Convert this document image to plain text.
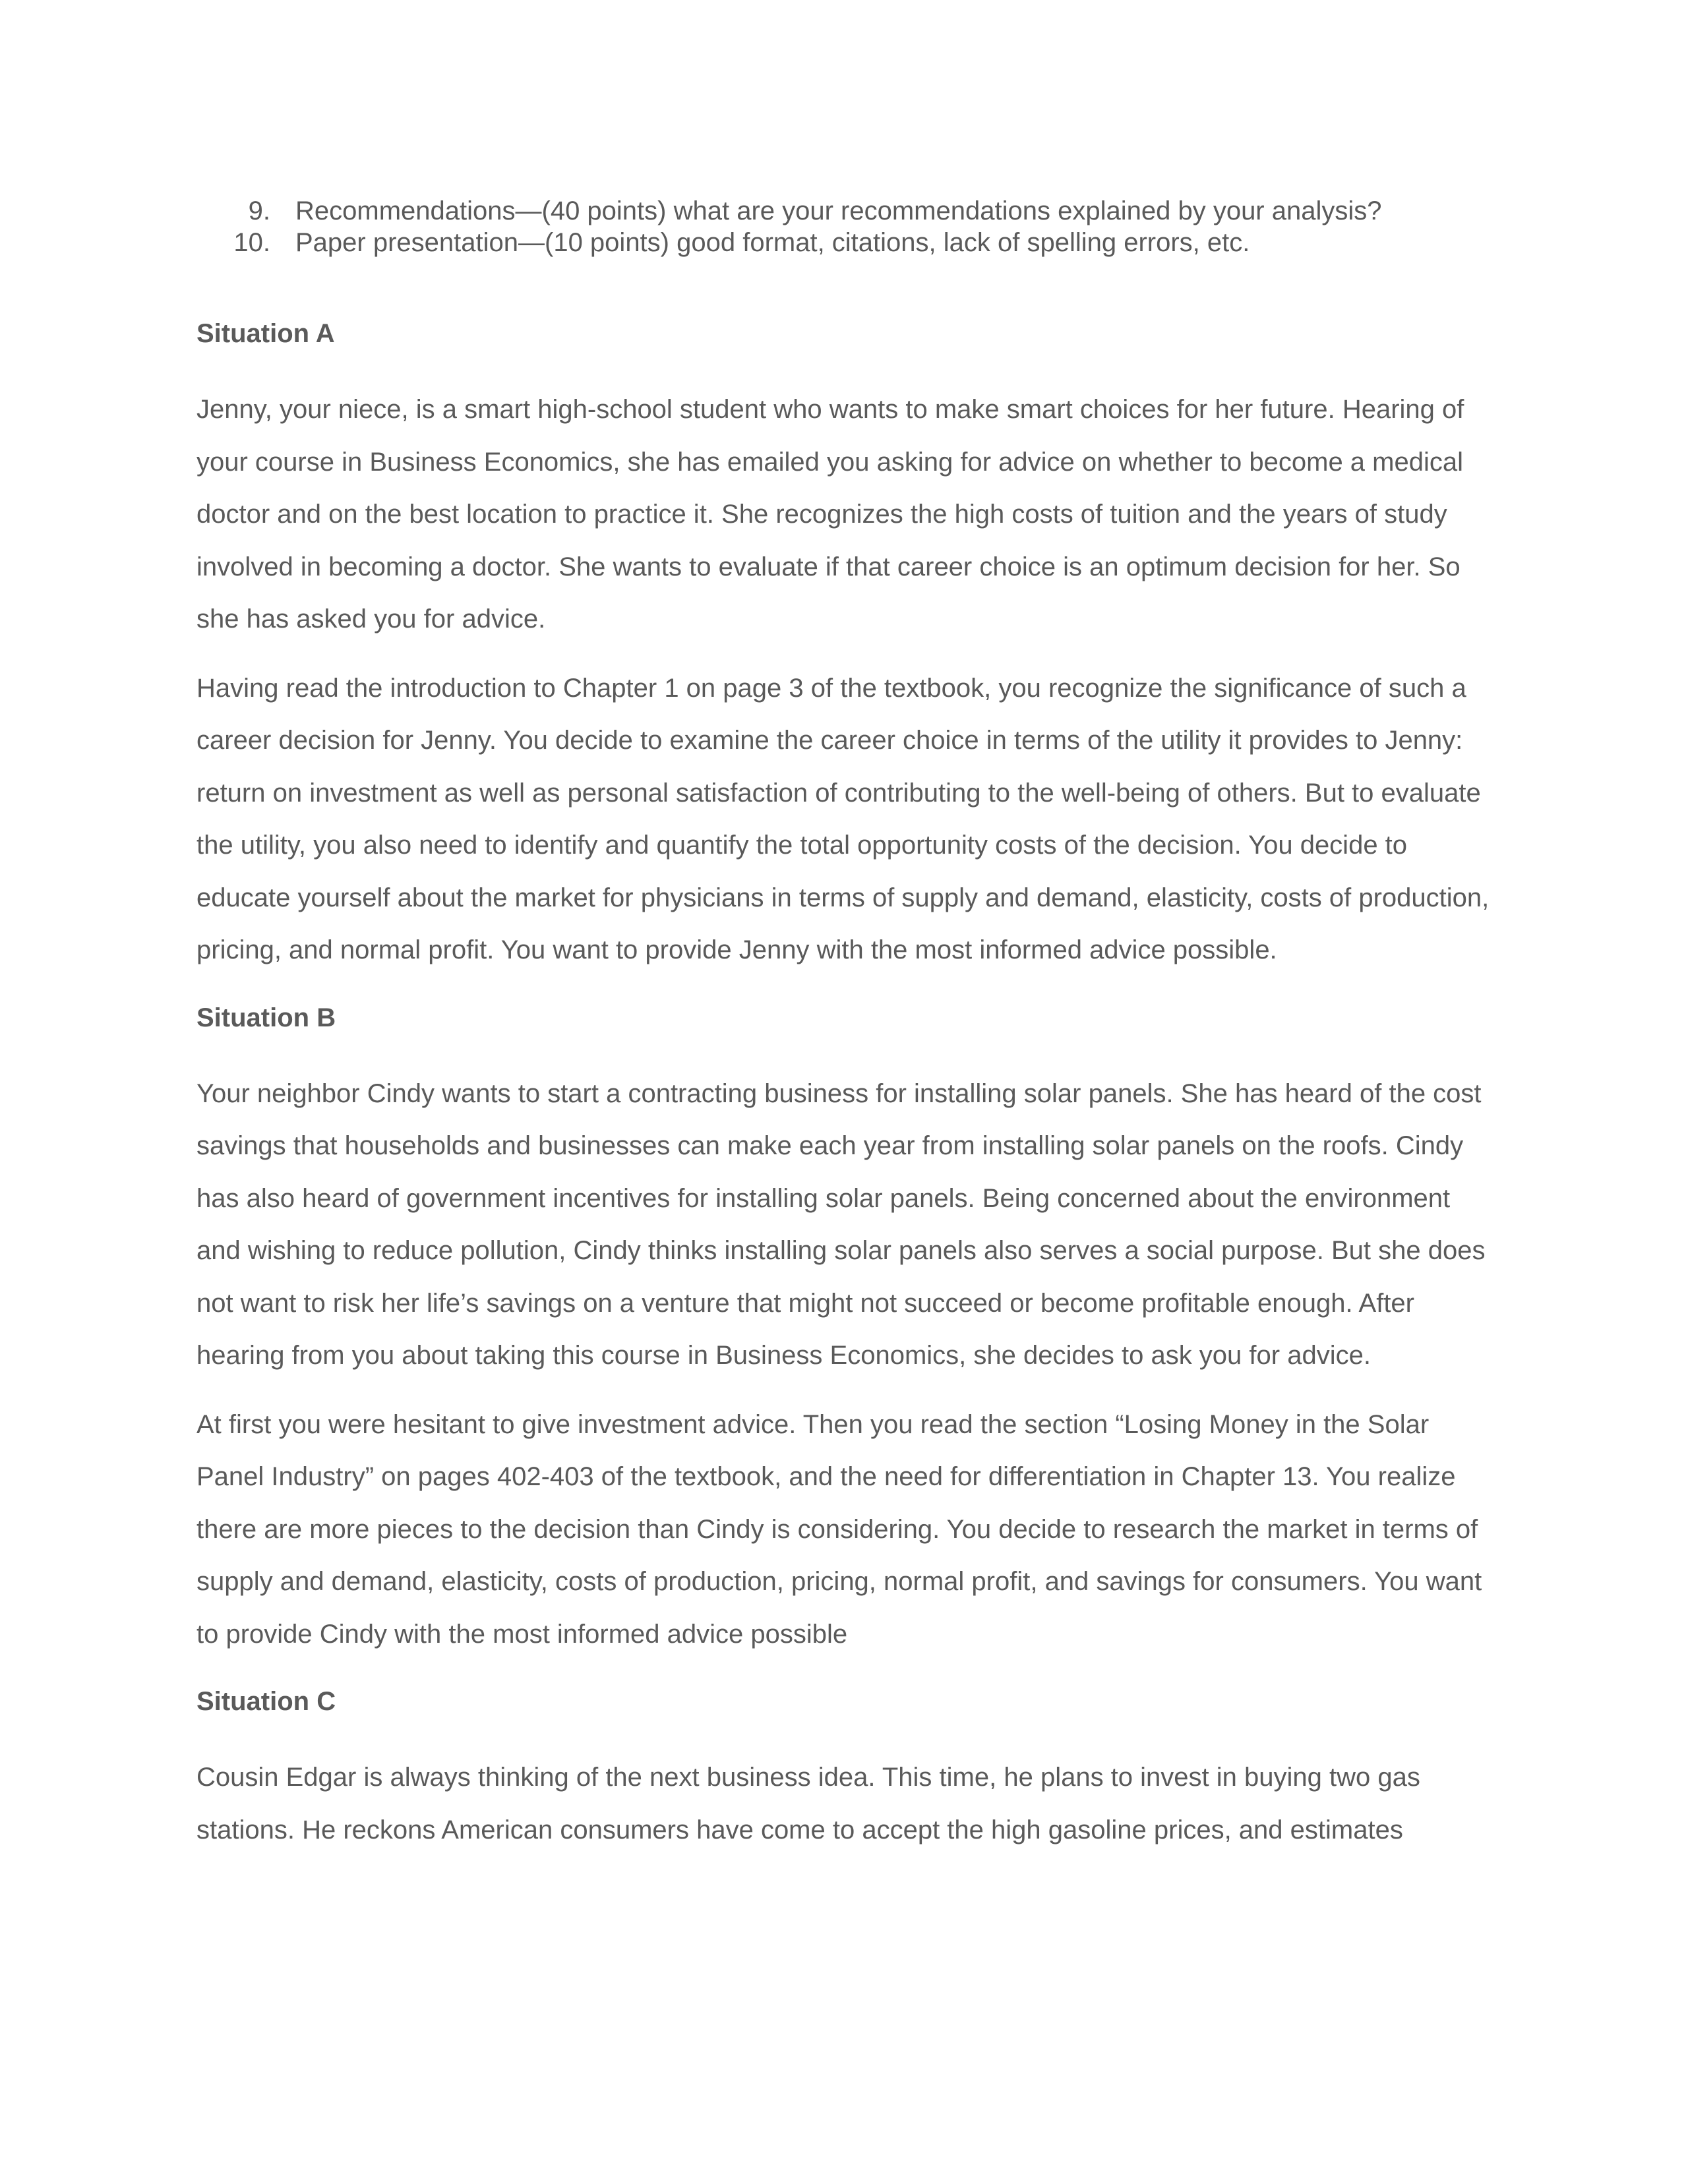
9. Recommendations—(40 points) what are your recommendations explained by your analysis?
10. Paper presentation—(10 points) good format, citations, lack of spelling errors, etc.
Situation A

Jenny, your niece, is a smart high-school student who wants to make smart choices for her future. Hearing of your course in Business Economics, she has emailed you asking for advice on whether to become a medical doctor and on the best location to practice it. She recognizes the high costs of tuition and the years of study involved in becoming a doctor. She wants to evaluate if that career choice is an optimum decision for her. So she has asked you for advice.

Having read the introduction to Chapter 1 on page 3 of the textbook, you recognize the significance of such a career decision for Jenny. You decide to examine the career choice in terms of the utility it provides to Jenny: return on investment as well as personal satisfaction of contributing to the well-being of others. But to evaluate the utility, you also need to identify and quantify the total opportunity costs of the decision. You decide to educate yourself about the market for physicians in terms of supply and demand, elasticity, costs of production, pricing, and normal profit. You want to provide Jenny with the most informed advice possible.

Situation B

Your neighbor Cindy wants to start a contracting business for installing solar panels. She has heard of the cost savings that households and businesses can make each year from installing solar panels on the roofs. Cindy has also heard of government incentives for installing solar panels. Being concerned about the environment and wishing to reduce pollution, Cindy thinks installing solar panels also serves a social purpose. But she does not want to risk her life’s savings on a venture that might not succeed or become profitable enough. After hearing from you about taking this course in Business Economics, she decides to ask you for advice.

At first you were hesitant to give investment advice. Then you read the section “Losing Money in the Solar Panel Industry” on pages 402-403 of the textbook, and the need for differentiation in Chapter 13. You realize there are more pieces to the decision than Cindy is considering. You decide to research the market in terms of supply and demand, elasticity, costs of production, pricing, normal profit, and savings for consumers. You want to provide Cindy with the most informed advice possible

Situation C

Cousin Edgar is always thinking of the next business idea. This time, he plans to invest in buying two gas stations. He reckons American consumers have come to accept the high gasoline prices, and estimates
